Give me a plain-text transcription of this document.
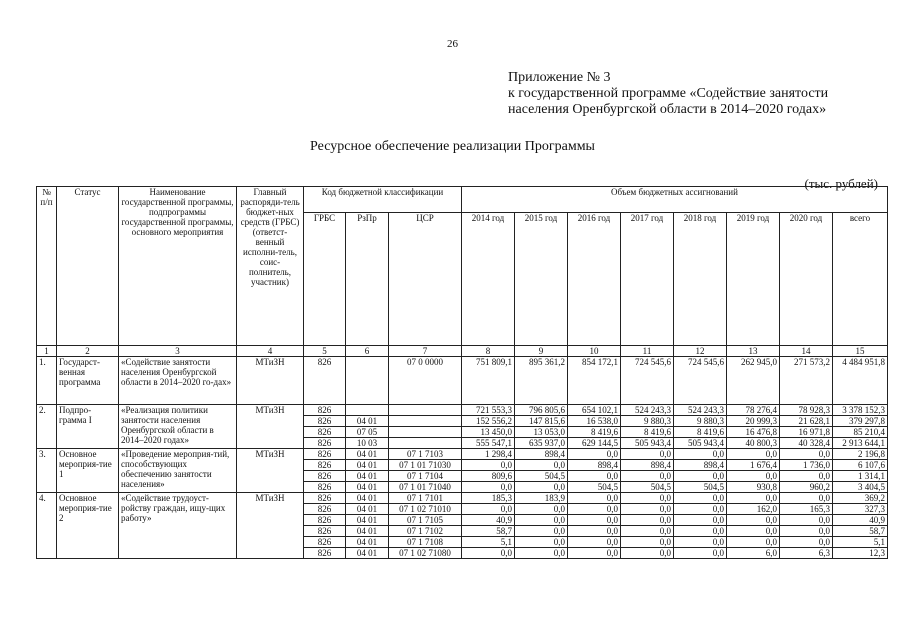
26
Приложение № 3
к государственной программе «Содействие занятости
населения Оренбургской области в 2014–2020 годах»
Ресурсное обеспечение реализации Программы
(тыс. рублей)
№ п/п	Статус	Наименование государственной программы, подпрограммы государственной программы, основного мероприятия	Главный распоряди-тель бюджет-ных средств (ГРБС) (ответст-венный исполни-тель, соис-полнитель, участник)	Код бюджетной классификации			Объем бюджетных ассигнований							
				ГРБС	РзПр	ЦСР	2014 год	2015 год	2016 год	2017 год	2018 год	2019 год	2020 год	всего
1	2	3	4	5	6	7	8	9	10	11	12	13	14	15
1.	Государст-венная программа	«Содействие занятости населения Оренбургской области в 2014–2020 го-дах»	МТиЗН	826		07 0 0000	751 809,1	895 361,2	854 172,1	724 545,6	724 545,6	262 945,0	271 573,2	4 484 951,8
2.	Подпро-грамма I	«Реализация политики занятости населения Оренбургской области в 2014–2020 годах»	МТиЗН	826			721 553,3	796 805,6	654 102,1	524 243,3	524 243,3	78 276,4	78 928,3	3 378 152,3
				826	04 01		152 556,2	147 815,6	16 538,0	9 880,3	9 880,3	20 999,3	21 628,1	379 297,8
				826	07 05		13 450,0	13 053,0	8 419,6	8 419,6	8 419,6	16 476,8	16 971,8	85 210,4
				826	10 03		555 547,1	635 937,0	629 144,5	505 943,4	505 943,4	40 800,3	40 328,4	2 913 644,1
3.	Основное мероприя-тие 1	«Проведение мероприя-тий, способствующих обеспечению занятости населения»	МТиЗН	826	04 01	07 1 7103	1 298,4	898,4	0,0	0,0	0,0	0,0	0,0	2 196,8
				826	04 01	07 1 01 71030	0,0	0,0	898,4	898,4	898,4	1 676,4	1 736,0	6 107,6
				826	04 01	07 1 7104	809,6	504,5	0,0	0,0	0,0	0,0	0,0	1 314,1
				826	04 01	07 1 01 71040	0,0	0,0	504,5	504,5	504,5	930,8	960,2	3 404,5
4.	Основное мероприя-тие 2	«Содействие трудоуст-ройству граждан, ищу-щих работу»	МТиЗН	826	04 01	07 1 7101	185,3	183,9	0,0	0,0	0,0	0,0	0,0	369,2
				826	04 01	07 1 02 71010	0,0	0,0	0,0	0,0	0,0	162,0	165,3	327,3
				826	04 01	07 1 7105	40,9	0,0	0,0	0,0	0,0	0,0	0,0	40,9
				826	04 01	07 1 7102	58,7	0,0	0,0	0,0	0,0	0,0	0,0	58,7
				826	04 01	07 1 7108	5,1	0,0	0,0	0,0	0,0	0,0	0,0	5,1
				826	04 01	07 1 02 71080	0,0	0,0	0,0	0,0	0,0	6,0	6,3	12,3
